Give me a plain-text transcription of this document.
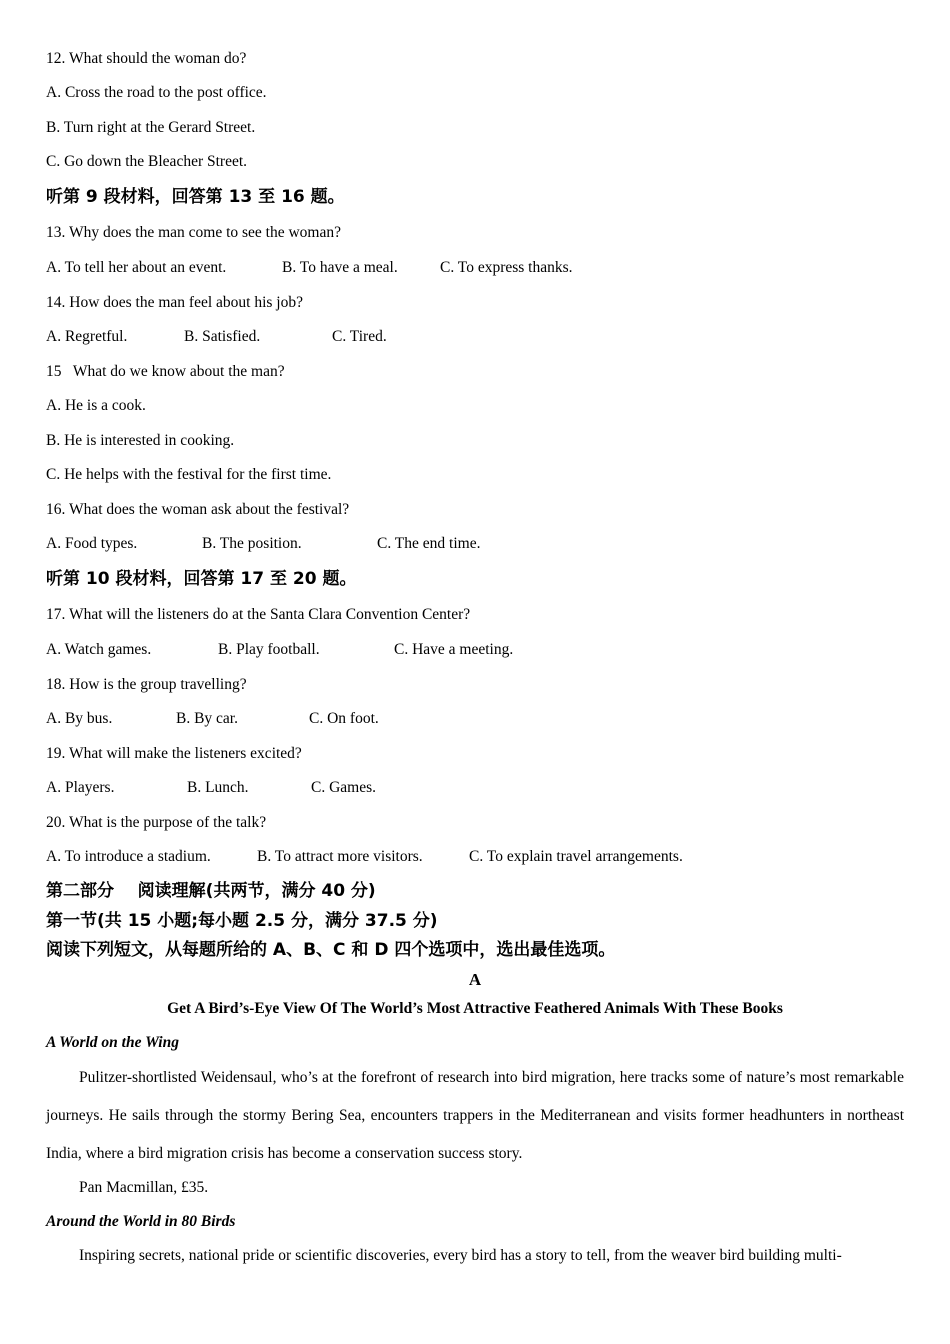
12. What should the woman do?
A. Cross the road to the post office.
B. Turn right at the Gerard Street.
C. Go down the Bleacher Street.
听第 9 段材料，回答第 13 至 16 题。
13. Why does the man come to see the woman?
A. To tell her about an event.	B. To have a meal.	C. To express thanks.
14. How does the man feel about his job?
A. Regretful.	B. Satisfied.	C. Tired.
15   What do we know about the man?
A. He is a cook.
B. He is interested in cooking.
C. He helps with the festival for the first time.
16. What does the woman ask about the festival?
A. Food types.	B. The position.	C. The end time.
听第 10 段材料，回答第 17 至 20 题。
17. What will the listeners do at the Santa Clara Convention Center?
A. Watch games.	B. Play football.	C. Have a meeting.
18. How is the group travelling?
A. By bus.	B. By car.	C. On foot.
19. What will make the listeners excited?
A. Players.	B. Lunch.	C. Games.
20. What is the purpose of the talk?
A. To introduce a stadium.	B. To attract more visitors.	C. To explain travel arrangements.
第二部分    阅读理解(共两节，满分 40 分)
第一节(共 15 小题;每小题 2.5 分，满分 37.5 分)
阅读下列短文，从每题所给的 A、B、C 和 D 四个选项中，选出最佳选项。
A
Get A Bird’s-Eye View Of The World’s Most Attractive Feathered Animals With These Books
A World on the Wing
Pulitzer-shortlisted Weidensaul, who’s at the forefront of research into bird migration, here tracks some of nature’s most remarkable journeys. He sails through the stormy Bering Sea, encounters trappers in the Mediterranean and visits former headhunters in northeast India, where a bird migration crisis has become a conservation success story.
Pan Macmillan, £35.
Around the World in 80 Birds
Inspiring secrets, national pride or scientific discoveries, every bird has a story to tell, from the weaver bird building multi-
